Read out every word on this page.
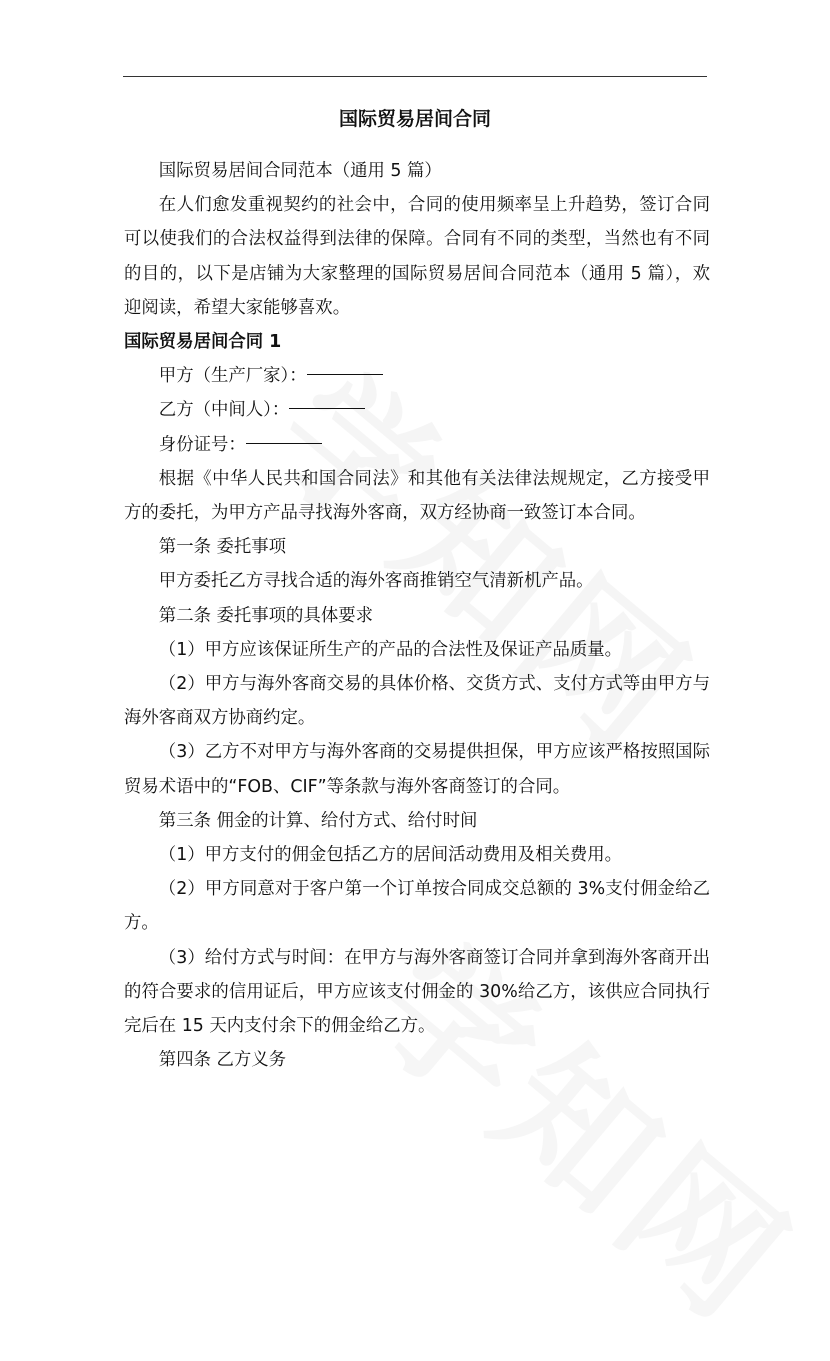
国际贸易居间合同

国际贸易居间合同范本（通用 5 篇）

在人们愈发重视契约的社会中，合同的使用频率呈上升趋势，签订合同可以使我们的合法权益得到法律的保障。合同有不同的类型，当然也有不同的目的，以下是店铺为大家整理的国际贸易居间合同范本（通用 5 篇），欢迎阅读，希望大家能够喜欢。

国际贸易居间合同 1

甲方（生产厂家）：

乙方（中间人）：

身份证号：

根据《中华人民共和国合同法》和其他有关法律法规规定，乙方接受甲方的委托，为甲方产品寻找海外客商，双方经协商一致签订本合同。

第一条 委托事项

甲方委托乙方寻找合适的海外客商推销空气清新机产品。

第二条 委托事项的具体要求

（1）甲方应该保证所生产的产品的合法性及保证产品质量。

（2）甲方与海外客商交易的具体价格、交货方式、支付方式等由甲方与海外客商双方协商约定。

（3）乙方不对甲方与海外客商的交易提供担保，甲方应该严格按照国际贸易术语中的“FOB、CIF”等条款与海外客商签订的合同。

第三条 佣金的计算、给付方式、给付时间

（1）甲方支付的佣金包括乙方的居间活动费用及相关费用。

（2）甲方同意对于客户第一个订单按合同成交总额的 3%支付佣金给乙方。

（3）给付方式与时间：在甲方与海外客商签订合同并拿到海外客商开出的符合要求的信用证后，甲方应该支付佣金的 30%给乙方，该供应合同执行完后在 15 天内支付余下的佣金给乙方。

第四条 乙方义务
